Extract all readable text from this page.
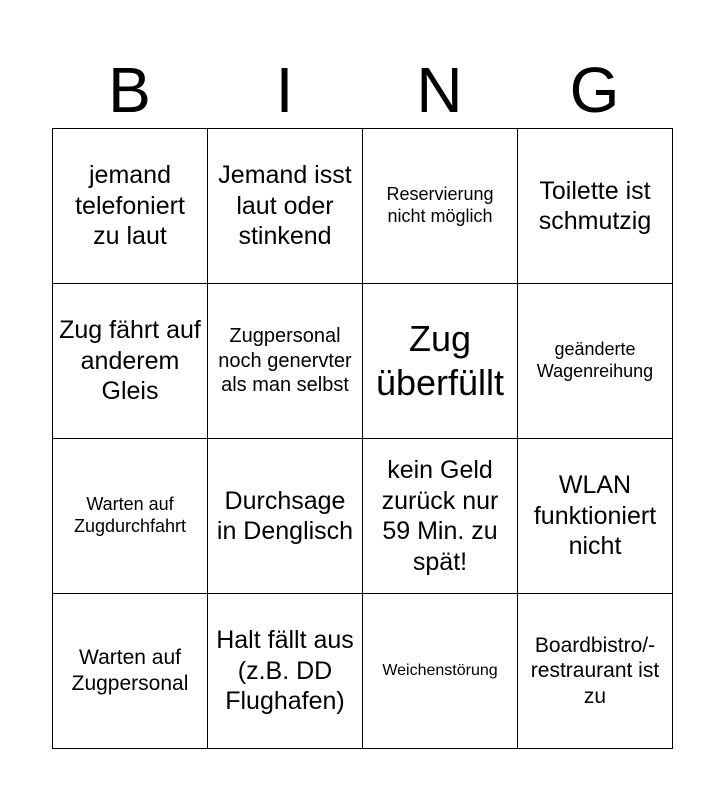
B	I	N	G
jemand telefoniert zu laut	Jemand isst laut oder stinkend	Reservierung nicht möglich	Toilette ist schmutzig
Zug fährt auf anderem Gleis	Zugpersonal noch genervter als man selbst	Zug überfüllt	geänderte Wagenreihung
Warten auf Zugdurchfahrt	Durchsage in Denglisch	kein Geld zurück nur 59 Min. zu spät!	WLAN funktioniert nicht
Warten auf Zugpersonal	Halt fällt aus (z.B. DD Flughafen)	Weichenstörung	Boardbistro/-restraurant ist zu
